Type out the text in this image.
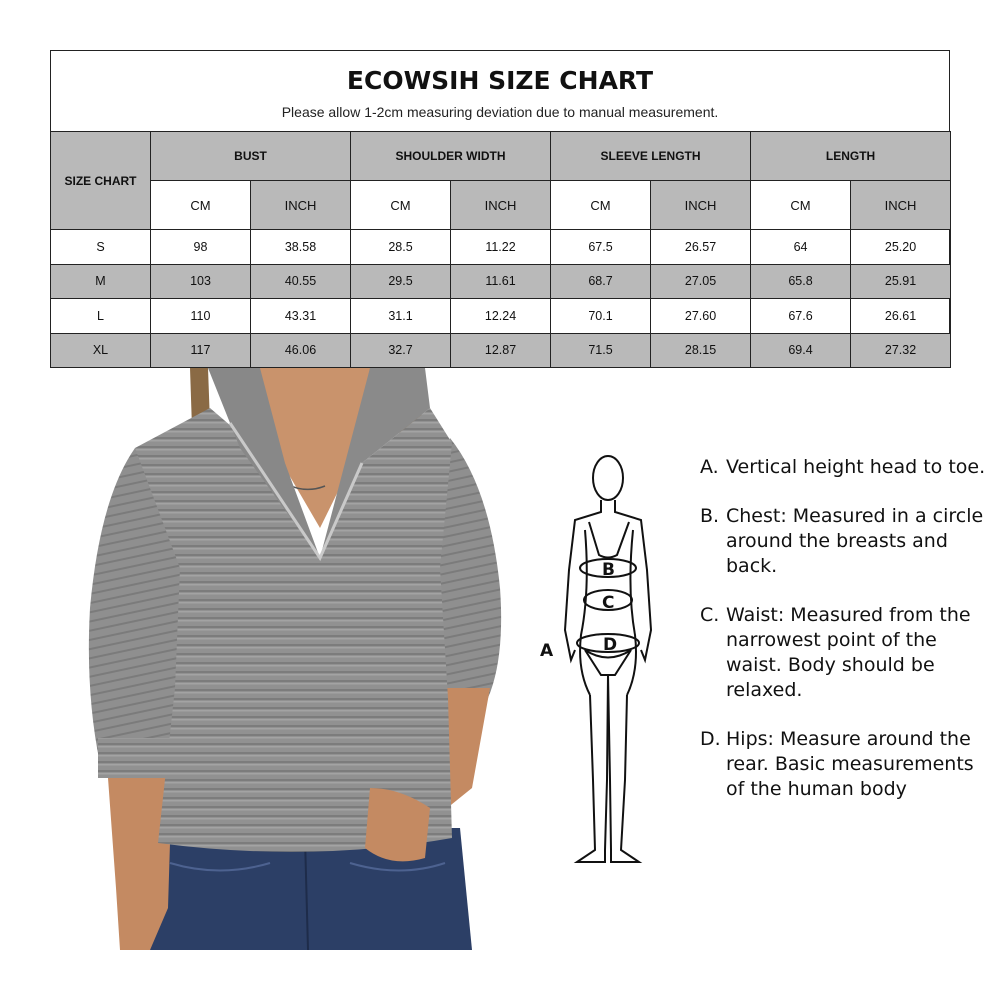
ECOWSIH SIZE CHART
Please allow 1-2cm measuring deviation due to manual measurement.
SIZE CHART	BUST		SHOULDER WIDTH		SLEEVE LENGTH		LENGTH	
	CM	INCH	CM	INCH	CM	INCH	CM	INCH
S	98	38.58	28.5	11.22	67.5	26.57	64	25.20
M	103	40.55	29.5	11.61	68.7	27.05	65.8	25.91
L	110	43.31	31.1	12.24	70.1	27.60	67.6	26.61
XL	117	46.06	32.7	12.87	71.5	28.15	69.4	27.32
A
B
C
D
A. Vertical height head to toe.
B. Chest: Measured in a circle around the breasts and back.
C. Waist: Measured from the narrowest point of the waist. Body should be relaxed.
D. Hips: Measure around the rear. Basic measurements of the human body
